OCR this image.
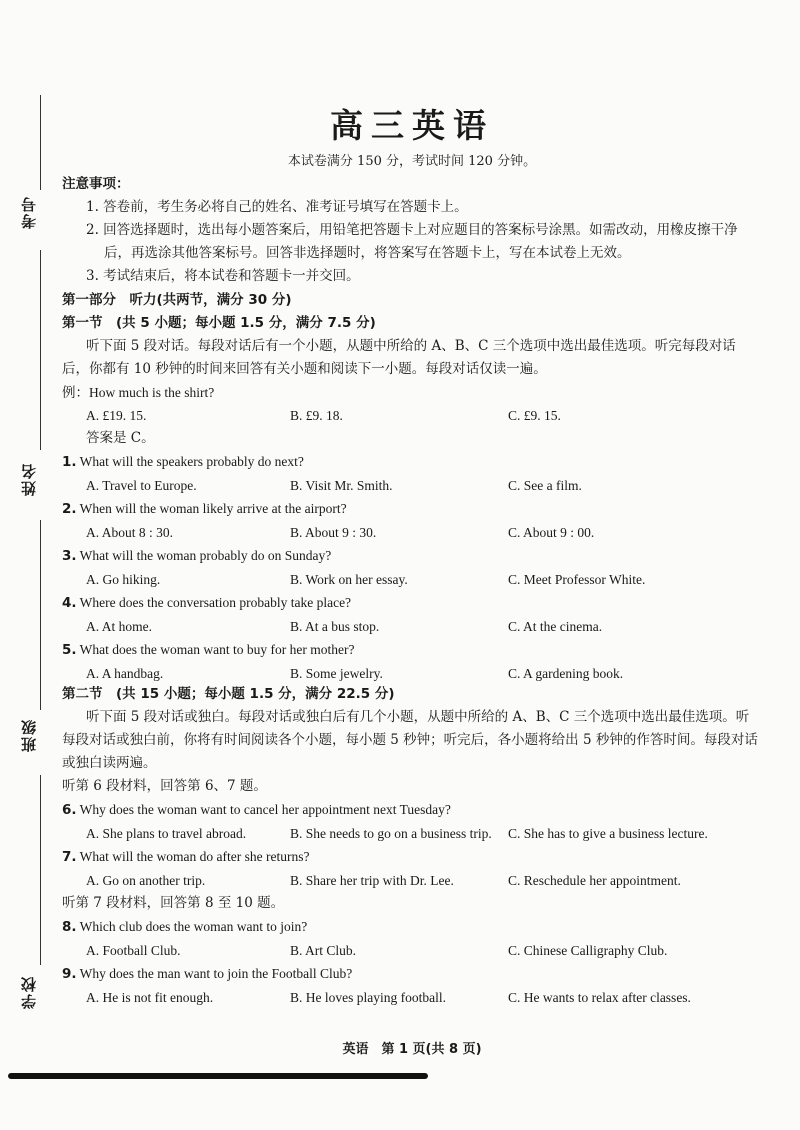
考号
姓名
班级
学校
高三英语
本试卷满分 150 分，考试时间 120 分钟。
注意事项：
1. 答卷前，考生务必将自己的姓名、准考证号填写在答题卡上。
2. 回答选择题时，选出每小题答案后，用铅笔把答题卡上对应题目的答案标号涂黑。如需改动，用橡皮擦干净后，再选涂其他答案标号。回答非选择题时，将答案写在答题卡上，写在本试卷上无效。
3. 考试结束后，将本试卷和答题卡一并交回。
第一部分　听力(共两节，满分 30 分)
第一节　(共 5 小题；每小题 1.5 分，满分 7.5 分)
听下面 5 段对话。每段对话后有一个小题，从题中所给的 A、B、C 三个选项中选出最佳选项。听完每段对话后，你都有 10 秒钟的时间来回答有关小题和阅读下一小题。每段对话仅读一遍。
例：How much is the shirt?
A. £19. 15.	B. £9. 18.	C. £9. 15.
答案是 C。
1. What will the speakers probably do next?
A. Travel to Europe.	B. Visit Mr. Smith.	C. See a film.
2. When will the woman likely arrive at the airport?
A. About 8 : 30.	B. About 9 : 30.	C. About 9 : 00.
3. What will the woman probably do on Sunday?
A. Go hiking.	B. Work on her essay.	C. Meet Professor White.
4. Where does the conversation probably take place?
A. At home.	B. At a bus stop.	C. At the cinema.
5. What does the woman want to buy for her mother?
A. A handbag.	B. Some jewelry.	C. A gardening book.
第二节　(共 15 小题；每小题 1.5 分，满分 22.5 分)
听下面 5 段对话或独白。每段对话或独白后有几个小题，从题中所给的 A、B、C 三个选项中选出最佳选项。听每段对话或独白前，你将有时间阅读各个小题，每小题 5 秒钟；听完后，各小题将给出 5 秒钟的作答时间。每段对话或独白读两遍。
听第 6 段材料，回答第 6、7 题。
6. Why does the woman want to cancel her appointment next Tuesday?
A. She plans to travel abroad.	B. She needs to go on a business trip. C. She has to give a business lecture.
7. What will the woman do after she returns?
A. Go on another trip.	B. Share her trip with Dr. Lee.	C. Reschedule her appointment.
听第 7 段材料，回答第 8 至 10 题。
8. Which club does the woman want to join?
A. Football Club.	B. Art Club.	C. Chinese Calligraphy Club.
9. Why does the man want to join the Football Club?
A. He is not fit enough.	B. He loves playing football.	C. He wants to relax after classes.
英语　第 1 页(共 8 页)
